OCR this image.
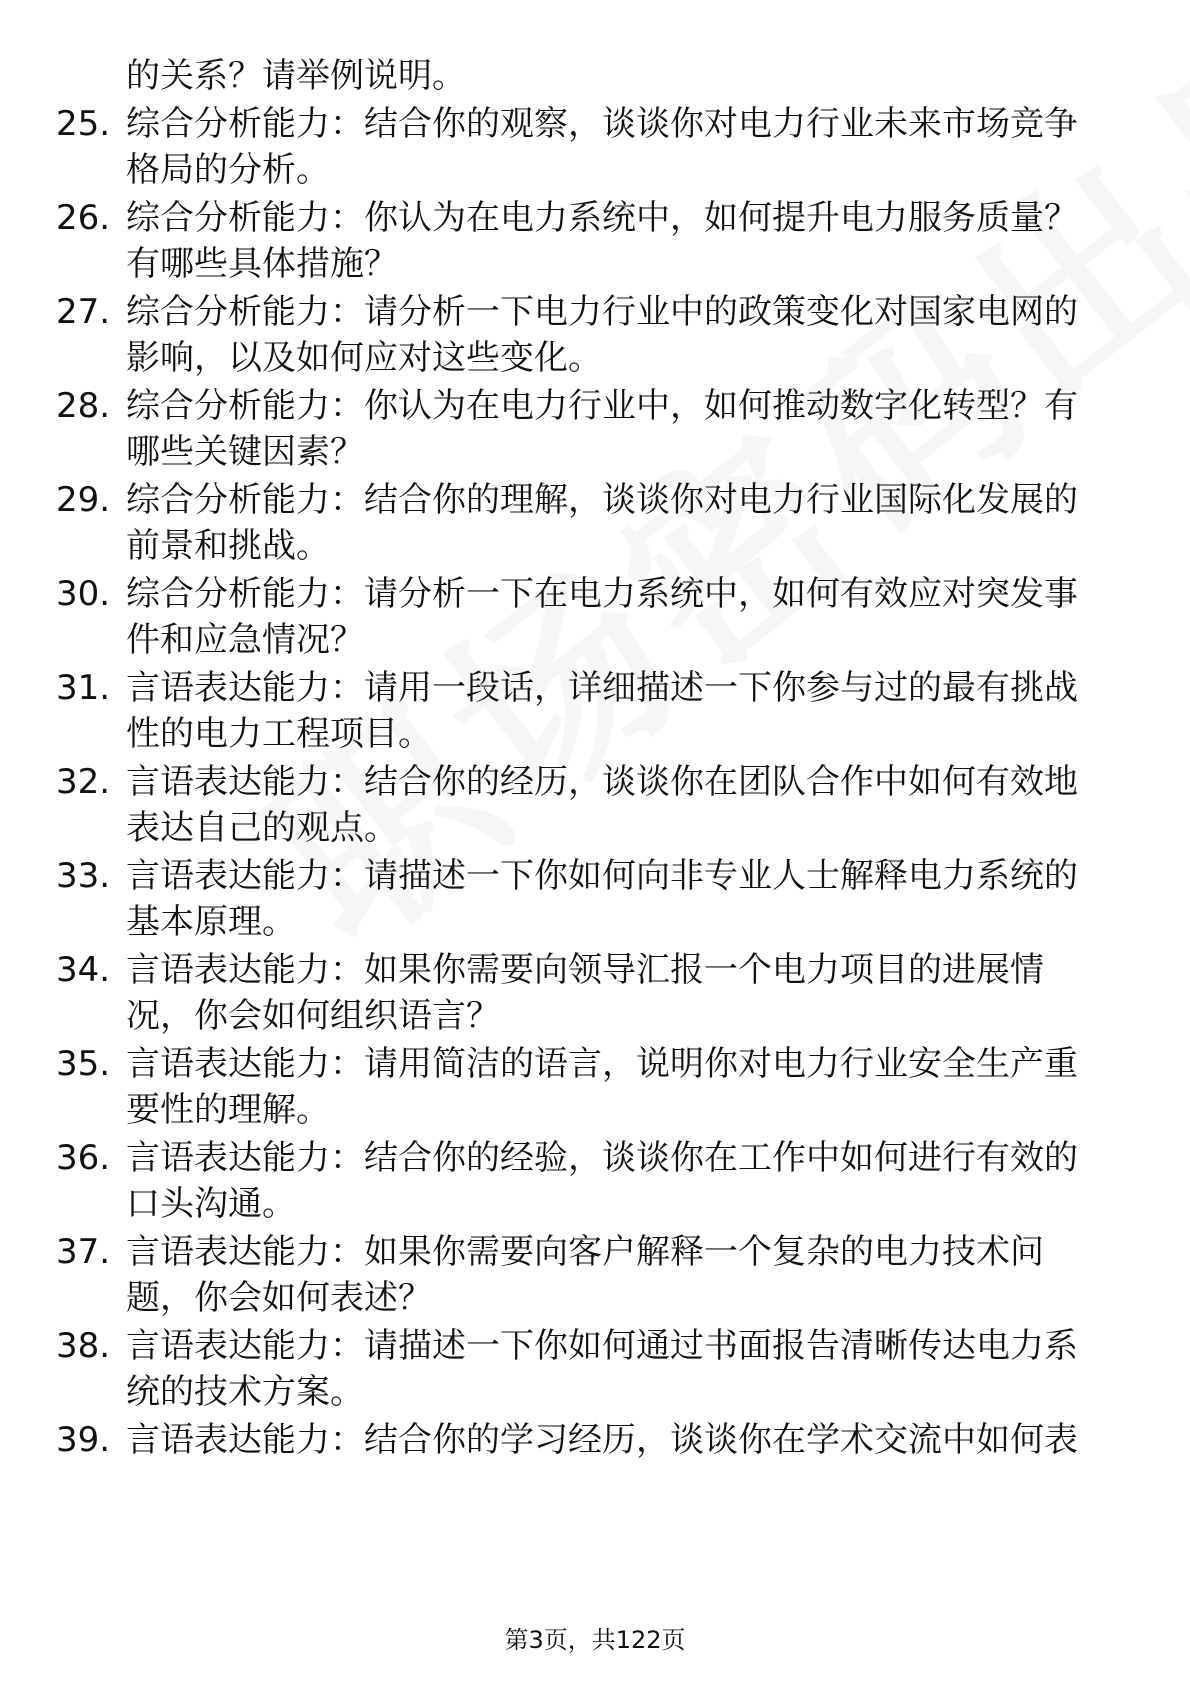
的关系？请举例说明。
25. 综合分析能力：结合你的观察，谈谈你对电力行业未来市场竞争
格局的分析。
26. 综合分析能力：你认为在电力系统中，如何提升电力服务质量？
有哪些具体措施？
27. 综合分析能力：请分析一下电力行业中的政策变化对国家电网的
影响，以及如何应对这些变化。
28. 综合分析能力：你认为在电力行业中，如何推动数字化转型？有
哪些关键因素？
29. 综合分析能力：结合你的理解，谈谈你对电力行业国际化发展的
前景和挑战。
30. 综合分析能力：请分析一下在电力系统中，如何有效应对突发事
件和应急情况？
31. 言语表达能力：请用一段话，详细描述一下你参与过的最有挑战
性的电力工程项目。
32. 言语表达能力：结合你的经历，谈谈你在团队合作中如何有效地
表达自己的观点。
33. 言语表达能力：请描述一下你如何向非专业人士解释电力系统的
基本原理。
34. 言语表达能力：如果你需要向领导汇报一个电力项目的进展情
况，你会如何组织语言？
35. 言语表达能力：请用简洁的语言，说明你对电力行业安全生产重
要性的理解。
36. 言语表达能力：结合你的经验，谈谈你在工作中如何进行有效的
口头沟通。
37. 言语表达能力：如果你需要向客户解释一个复杂的电力技术问
题，你会如何表述？
38. 言语表达能力：请描述一下你如何通过书面报告清晰传达电力系
统的技术方案。
39. 言语表达能力：结合你的学习经历，谈谈你在学术交流中如何表
第3页，共122页
